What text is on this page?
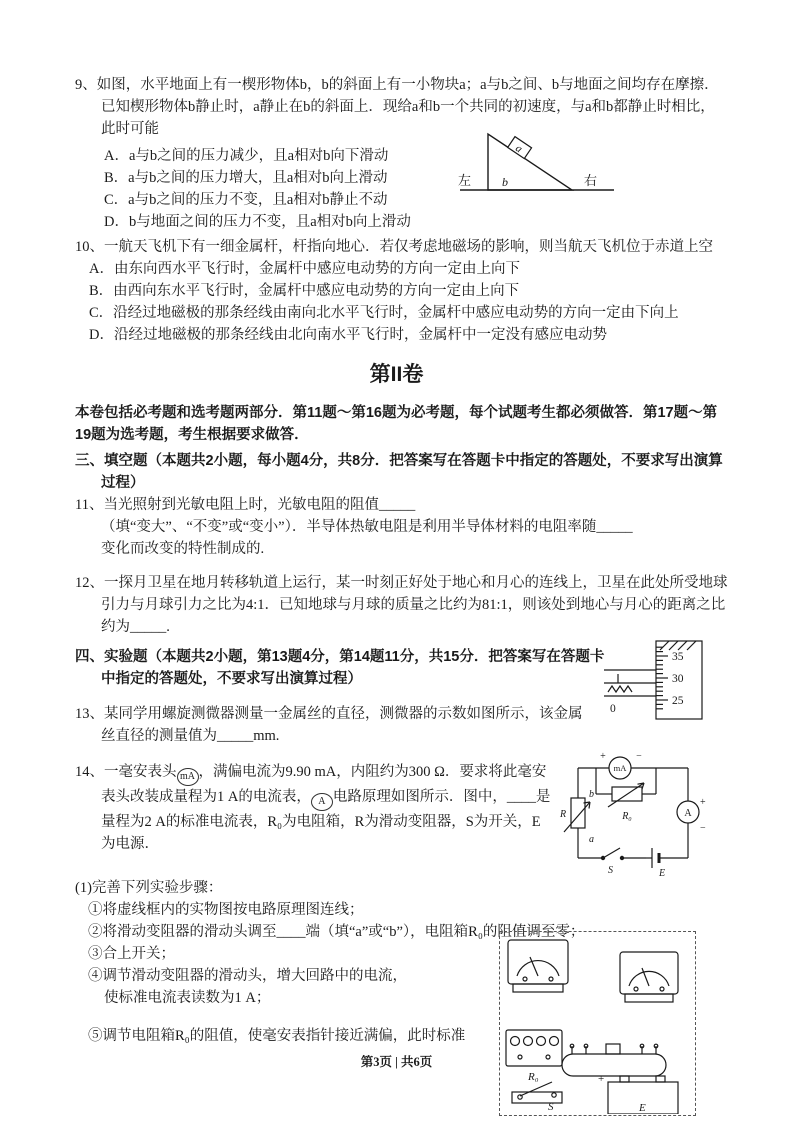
9、如图，水平地面上有一楔形物体b，b的斜面上有一小物块a；a与b之间、b与地面之间均存在摩擦．已知楔形物体b静止时，a静止在b的斜面上．现给a和b一个共同的初速度，与a和b都静止时相比，此时可能
A．a与b之间的压力减少，且a相对b向下滑动
B．a与b之间的压力增大，且a相对b向上滑动
C．a与b之间的压力不变，且a相对b静止不动
D．b与地面之间的压力不变，且a相对b向上滑动
a
b
左	右
10、一航天飞机下有一细金属杆，杆指向地心．若仅考虑地磁场的影响，则当航天飞机位于赤道上空
A．由东向西水平飞行时，金属杆中感应电动势的方向一定由上向下
B．由西向东水平飞行时，金属杆中感应电动势的方向一定由上向下
C．沿经过地磁极的那条经线由南向北水平飞行时，金属杆中感应电动势的方向一定由下向上
D．沿经过地磁极的那条经线由北向南水平飞行时，金属杆中一定没有感应电动势
第II卷
本卷包括必考题和选考题两部分．第11题～第16题为必考题，每个试题考生都必须做答．第17题～第19题为选考题，考生根据要求做答．
三、填空题（本题共2小题，每小题4分，共8分．把答案写在答题卡中指定的答题处，不要求写出演算过程）
11、当光照射到光敏电阻上时，光敏电阻的阻值_____
（填“变大”、“不变”或“变小”）．半导体热敏电阻是利用半导体材料的电阻率随_____
变化而改变的特性制成的.
12、一探月卫星在地月转移轨道上运行，某一时刻正好处于地心和月心的连线上，卫星在此处所受地球引力与月球引力之比为4:1．已知地球与月球的质量之比约为81:1，则该处到地心与月心的距离之比约为_____.
四、实验题（本题共2小题，第13题4分，第14题11分，共15分．把答案写在答题卡中指定的答题处，不要求写出演算过程）
35
30
25
0
13、某同学用螺旋测微器测量一金属丝的直径，测微器的示数如图所示，该金属丝直径的测量值为_____mm.
14、一毫安表头 mA ，满偏电流为9.90 mA，内阻约为300 Ω．要求将此毫安表头改装成量程为1 A的电流表， A 电路原理如图所示．图中，____是量程为2 A的标准电流表，R₀为电阻箱，R为滑动变阻器，S为开关，E为电源．
mA
+	−
R₀	A
+
−
b
a
R
S	E
(1)完善下列实验步骤：
①将虚线框内的实物图按电路原理图连线；
②将滑动变阻器的滑动头调至____端（填“a”或“b”），电阻箱R₀的阻值调至零；
③合上开关；
④调节滑动变阻器的滑动头，增大回路中的电流，
使标准电流表读数为1 A；
⑤调节电阻箱R₀的阻值，使毫安表指针接近满偏，此时标准
R₀
S	E
+
第3页 | 共6页
